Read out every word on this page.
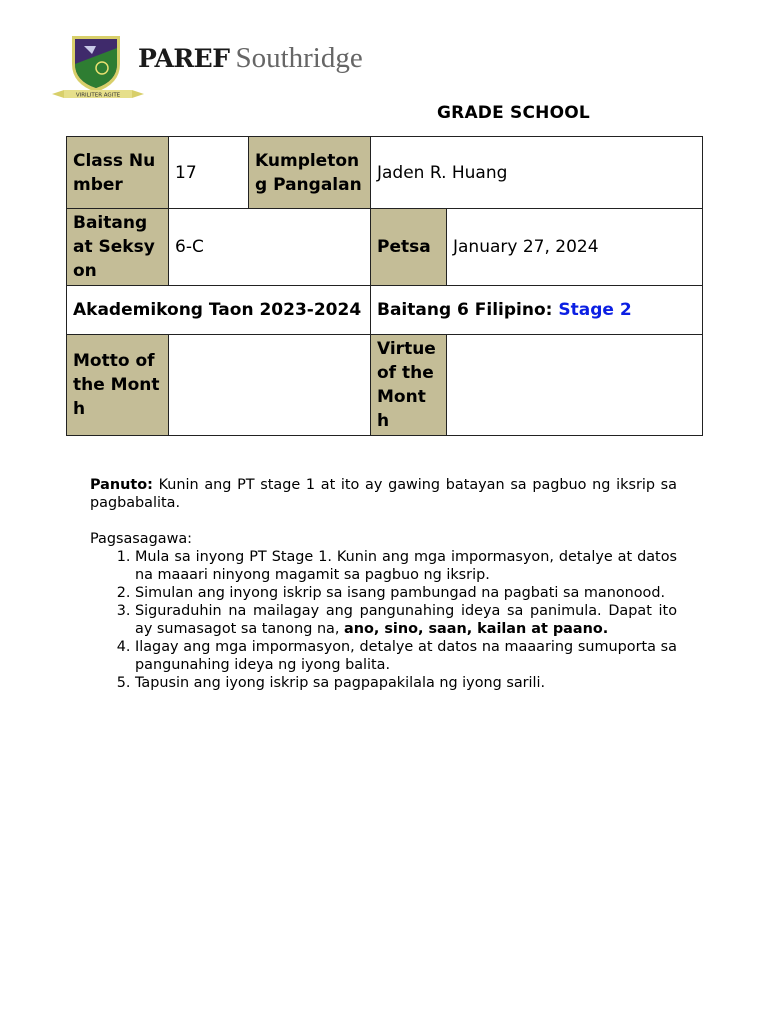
VIRILITER AGITE
PAREF Southridge
GRADE SCHOOL
Class Number	17	Kumpleton g Pangalan	Jaden R. Huang	
Baitang at Seksyon	6-C		Petsa	January 27, 2024
Akademikong Taon 2023-2024			Baitang 6 Filipino: Stage 2	
Motto of the Month			Virtue of the Mont h	

Panuto: Kunin ang PT stage 1 at ito ay gawing batayan sa pagbuo ng iksrip sa pagbabalita.

Pagsasagawa:

1. Mula sa inyong PT Stage 1. Kunin ang mga impormasyon, detalye at datos na maaari ninyong magamit sa pagbuo ng iksrip.
2. Simulan ang inyong iskrip sa isang pambungad na pagbati sa manonood.
3. Siguraduhin na mailagay ang pangunahing ideya sa panimula. Dapat ito ay sumasagot sa tanong na, ano, sino, saan, kailan at paano.
4. Ilagay ang mga impormasyon, detalye at datos na maaaring sumuporta sa pangunahing ideya ng iyong balita.
5. Tapusin ang iyong iskrip sa pagpapakilala ng iyong sarili.
